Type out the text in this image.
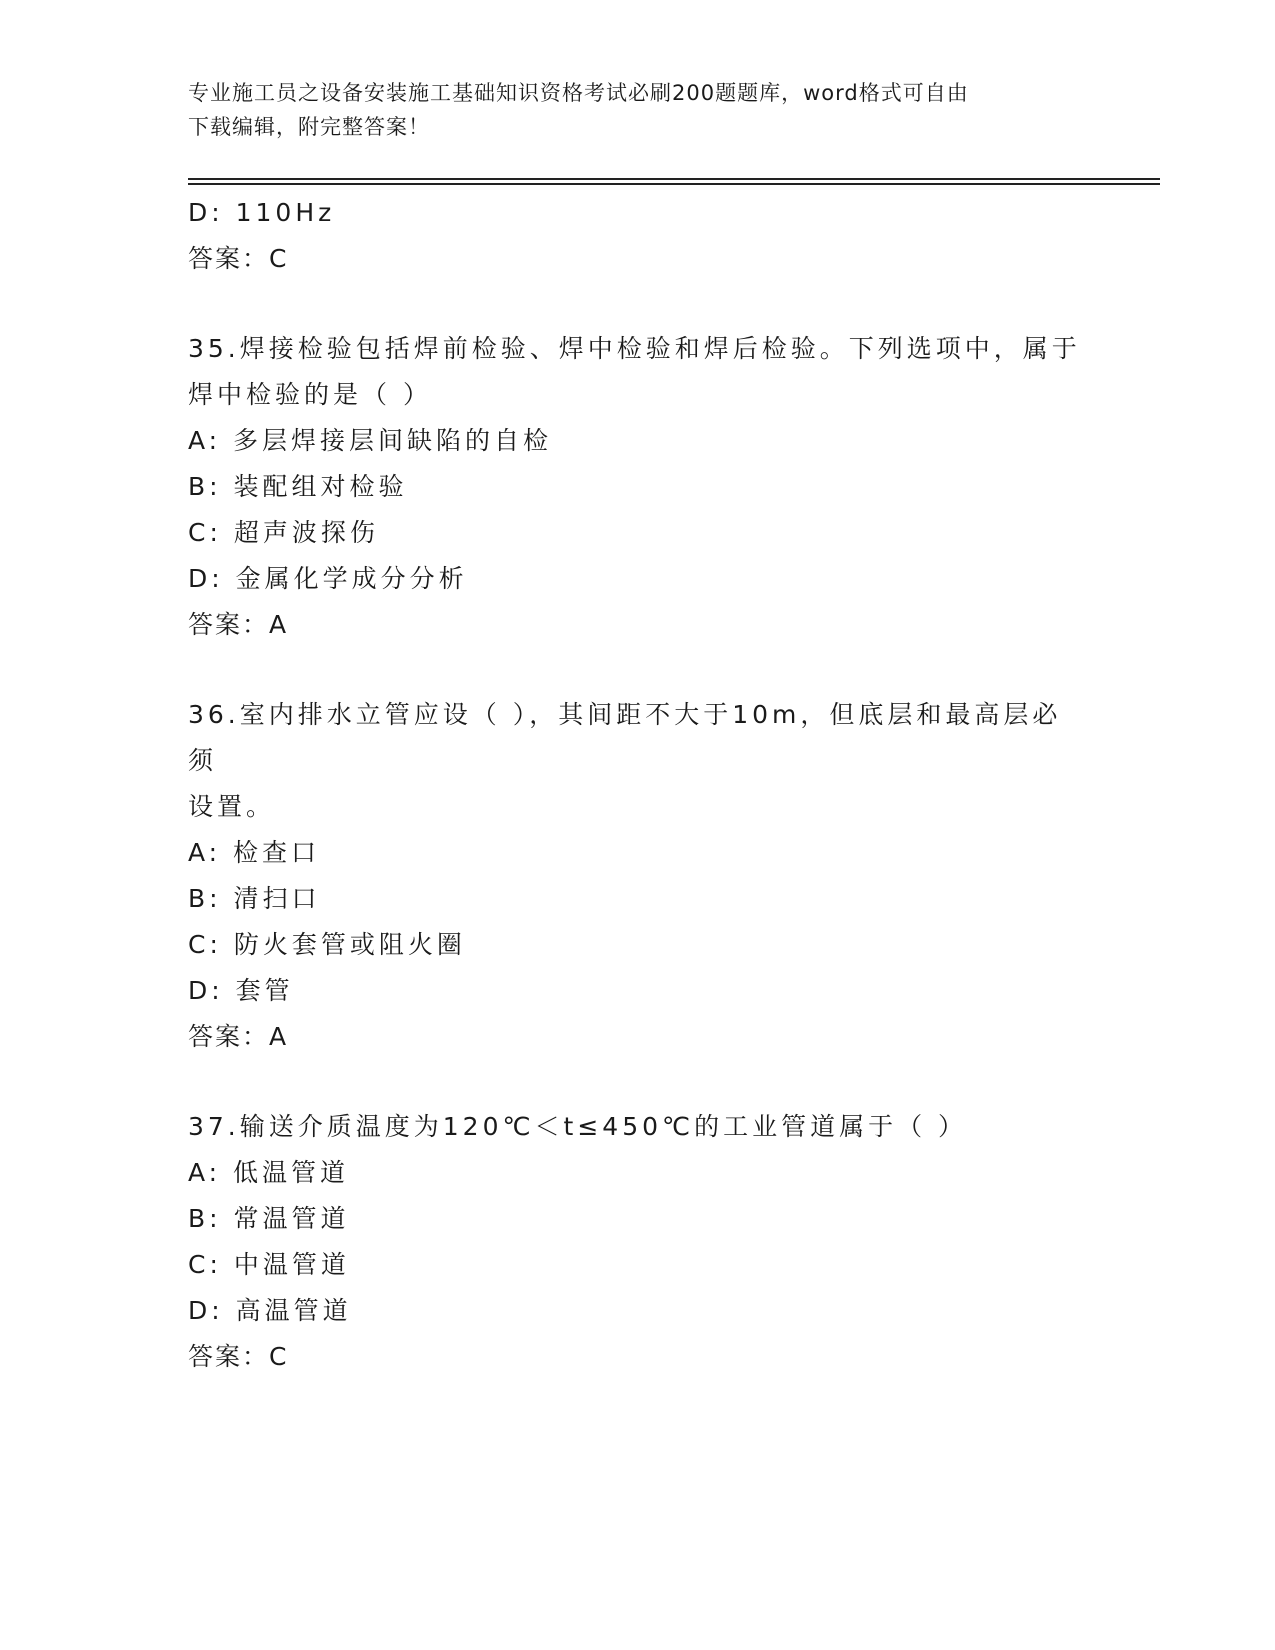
专业施工员之设备安装施工基础知识资格考试必刷200题题库，word格式可自由
下载编辑，附完整答案！
D: 110Hz
答案：C
35.焊接检验包括焊前检验、焊中检验和焊后检验。下列选项中，属于
焊中检验的是（ ）
A: 多层焊接层间缺陷的自检
B: 装配组对检验
C: 超声波探伤
D: 金属化学成分分析
答案：A
36.室内排水立管应设（ ），其间距不大于10m，但底层和最高层必须
设置。
A: 检查口
B: 清扫口
C: 防火套管或阻火圈
D: 套管
答案：A
37.输送介质温度为120℃＜t≤450℃的工业管道属于（ ）
A: 低温管道
B: 常温管道
C: 中温管道
D: 高温管道
答案：C
